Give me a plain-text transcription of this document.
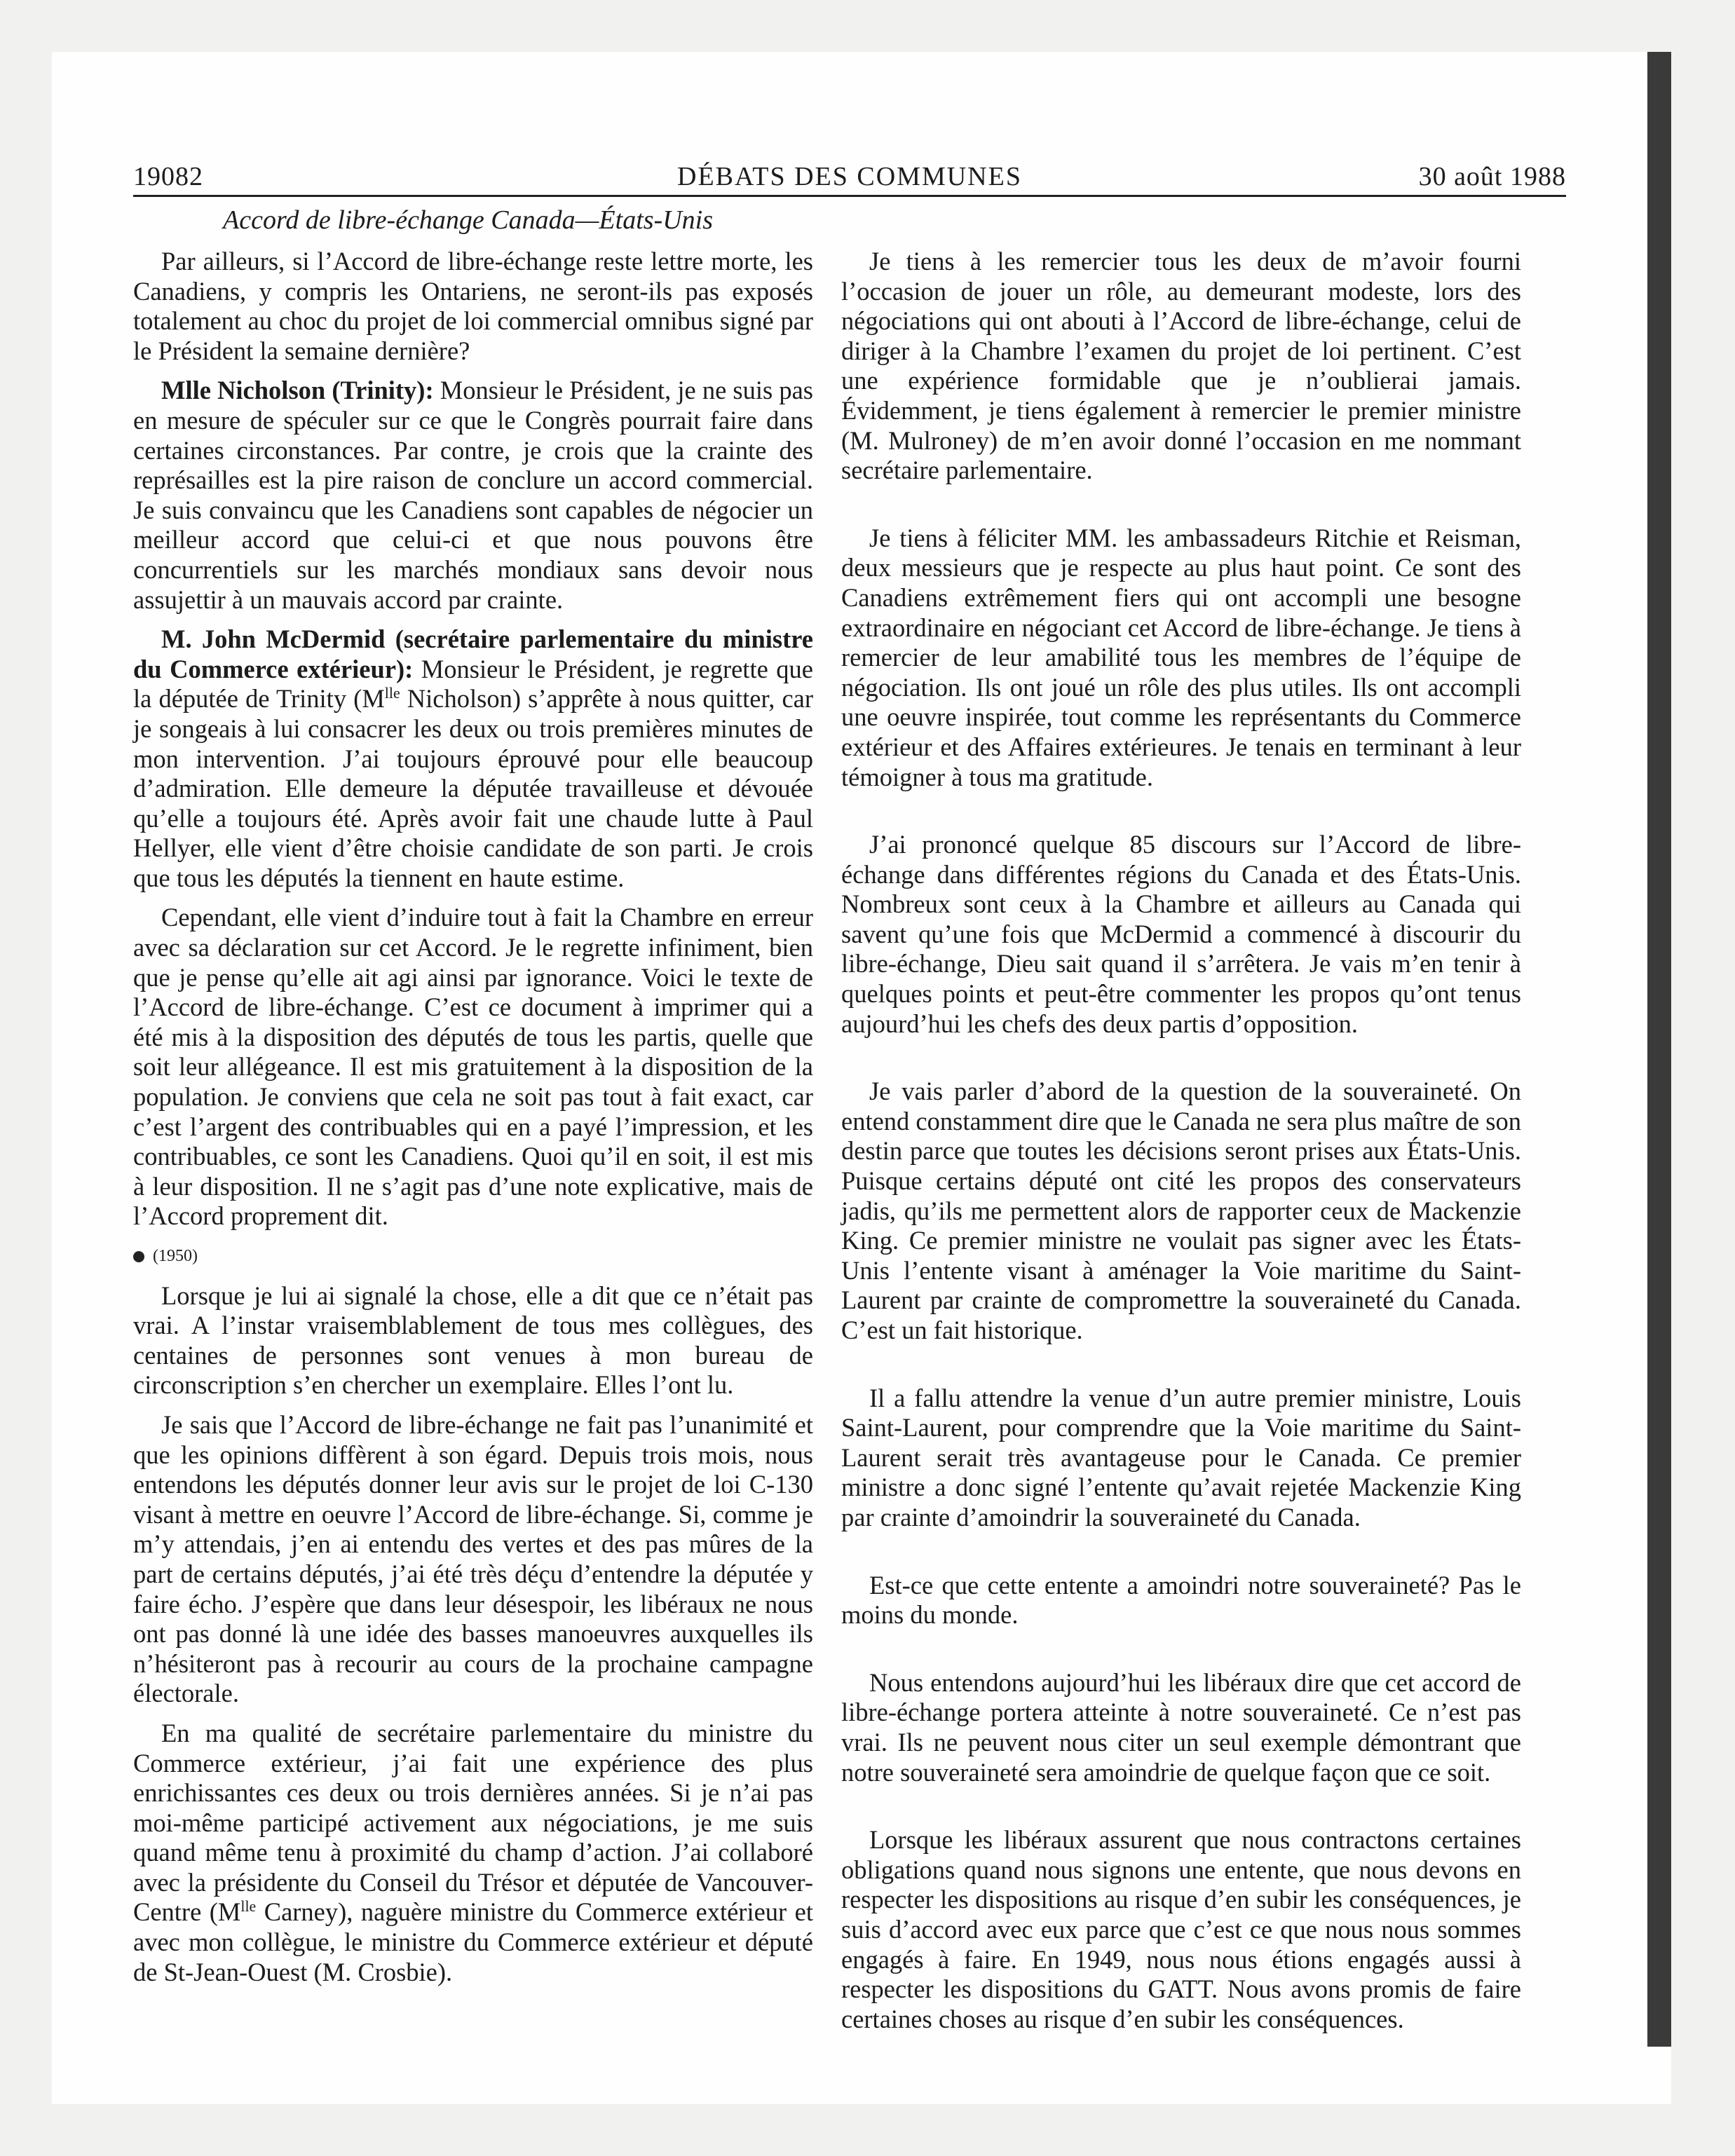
19082	DÉBATS DES COMMUNES	30 août 1988
Accord de libre-échange Canada—États-Unis

Par ailleurs, si l’Accord de libre-échange reste lettre morte, les Canadiens, y compris les Ontariens, ne seront-ils pas exposés totalement au choc du projet de loi commercial omnibus signé par le Président la semaine dernière?

Mlle Nicholson (Trinity): Monsieur le Président, je ne suis pas en mesure de spéculer sur ce que le Congrès pourrait faire dans certaines circonstances. Par contre, je crois que la crainte des représailles est la pire raison de conclure un accord commercial. Je suis convaincu que les Canadiens sont capables de négocier un meilleur accord que celui-ci et que nous pouvons être concurrentiels sur les marchés mondiaux sans devoir nous assujettir à un mauvais accord par crainte.

M. John McDermid (secrétaire parlementaire du ministre du Commerce extérieur): Monsieur le Président, je regrette que la députée de Trinity ($M^{lle}$ Nicholson) s’apprête à nous quitter, car je songeais à lui consacrer les deux ou trois premières minutes de mon intervention. J’ai toujours éprouvé pour elle beaucoup d’admiration. Elle demeure la députée travailleuse et dévouée qu’elle a toujours été. Après avoir fait une chaude lutte à Paul Hellyer, elle vient d’être choisie candidate de son parti. Je crois que tous les députés la tiennent en haute estime.

Cependant, elle vient d’induire tout à fait la Chambre en erreur avec sa déclaration sur cet Accord. Je le regrette infiniment, bien que je pense qu’elle ait agi ainsi par ignorance. Voici le texte de l’Accord de libre-échange. C’est ce document à imprimer qui a été mis à la disposition des députés de tous les partis, quelle que soit leur allégeance. Il est mis gratuitement à la disposition de la population. Je conviens que cela ne soit pas tout à fait exact, car c’est l’argent des contribuables qui en a payé l’impression, et les contribuables, ce sont les Canadiens. Quoi qu’il en soit, il est mis à leur disposition. Il ne s’agit pas d’une note explicative, mais de l’Accord proprement dit.

(1950)

Lorsque je lui ai signalé la chose, elle a dit que ce n’était pas vrai. A l’instar vraisemblablement de tous mes collègues, des centaines de personnes sont venues à mon bureau de circonscription s’en chercher un exemplaire. Elles l’ont lu.

Je sais que l’Accord de libre-échange ne fait pas l’unanimité et que les opinions diffèrent à son égard. Depuis trois mois, nous entendons les députés donner leur avis sur le projet de loi C-130 visant à mettre en oeuvre l’Accord de libre-échange. Si, comme je m’y attendais, j’en ai entendu des vertes et des pas mûres de la part de certains députés, j’ai été très déçu d’entendre la députée y faire écho. J’espère que dans leur désespoir, les libéraux ne nous ont pas donné là une idée des basses manoeuvres auxquelles ils n’hésiteront pas à recourir au cours de la prochaine campagne électorale.

En ma qualité de secrétaire parlementaire du ministre du Commerce extérieur, j’ai fait une expérience des plus enrichissantes ces deux ou trois dernières années. Si je n’ai pas moi-même participé activement aux négociations, je me suis quand même tenu à proximité du champ d’action. J’ai collaboré avec la présidente du Conseil du Trésor et députée de Vancouver-Centre ($M^{lle}$ Carney), naguère ministre du Commerce extérieur et avec mon collègue, le ministre du Commerce extérieur et député de St-Jean-Ouest (M. Crosbie).

Je tiens à les remercier tous les deux de m’avoir fourni l’occasion de jouer un rôle, au demeurant modeste, lors des négociations qui ont abouti à l’Accord de libre-échange, celui de diriger à la Chambre l’examen du projet de loi pertinent. C’est une expérience formidable que je n’oublierai jamais. Évidemment, je tiens également à remercier le premier ministre (M. Mulroney) de m’en avoir donné l’occasion en me nommant secrétaire parlementaire.

Je tiens à féliciter MM. les ambassadeurs Ritchie et Reisman, deux messieurs que je respecte au plus haut point. Ce sont des Canadiens extrêmement fiers qui ont accompli une besogne extraordinaire en négociant cet Accord de libre-échange. Je tiens à remercier de leur amabilité tous les membres de l’équipe de négociation. Ils ont joué un rôle des plus utiles. Ils ont accompli une oeuvre inspirée, tout comme les représentants du Commerce extérieur et des Affaires extérieures. Je tenais en terminant à leur témoigner à tous ma gratitude.

J’ai prononcé quelque 85 discours sur l’Accord de libre-échange dans différentes régions du Canada et des États-Unis. Nombreux sont ceux à la Chambre et ailleurs au Canada qui savent qu’une fois que McDermid a commencé à discourir du libre-échange, Dieu sait quand il s’arrêtera. Je vais m’en tenir à quelques points et peut-être commenter les propos qu’ont tenus aujourd’hui les chefs des deux partis d’opposition.

Je vais parler d’abord de la question de la souveraineté. On entend constamment dire que le Canada ne sera plus maître de son destin parce que toutes les décisions seront prises aux États-Unis. Puisque certains député ont cité les propos des conservateurs jadis, qu’ils me permettent alors de rapporter ceux de Mackenzie King. Ce premier ministre ne voulait pas signer avec les États-Unis l’entente visant à aménager la Voie maritime du Saint-Laurent par crainte de compromettre la souveraineté du Canada. C’est un fait historique.

Il a fallu attendre la venue d’un autre premier ministre, Louis Saint-Laurent, pour comprendre que la Voie maritime du Saint-Laurent serait très avantageuse pour le Canada. Ce premier ministre a donc signé l’entente qu’avait rejetée Mackenzie King par crainte d’amoindrir la souveraineté du Canada.

Est-ce que cette entente a amoindri notre souveraineté? Pas le moins du monde.

Nous entendons aujourd’hui les libéraux dire que cet accord de libre-échange portera atteinte à notre souveraineté. Ce n’est pas vrai. Ils ne peuvent nous citer un seul exemple démontrant que notre souveraineté sera amoindrie de quelque façon que ce soit.

Lorsque les libéraux assurent que nous contractons certaines obligations quand nous signons une entente, que nous devons en respecter les dispositions au risque d’en subir les conséquences, je suis d’accord avec eux parce que c’est ce que nous nous sommes engagés à faire. En 1949, nous nous étions engagés aussi à respecter les dispositions du GATT. Nous avons promis de faire certaines choses au risque d’en subir les conséquences.
